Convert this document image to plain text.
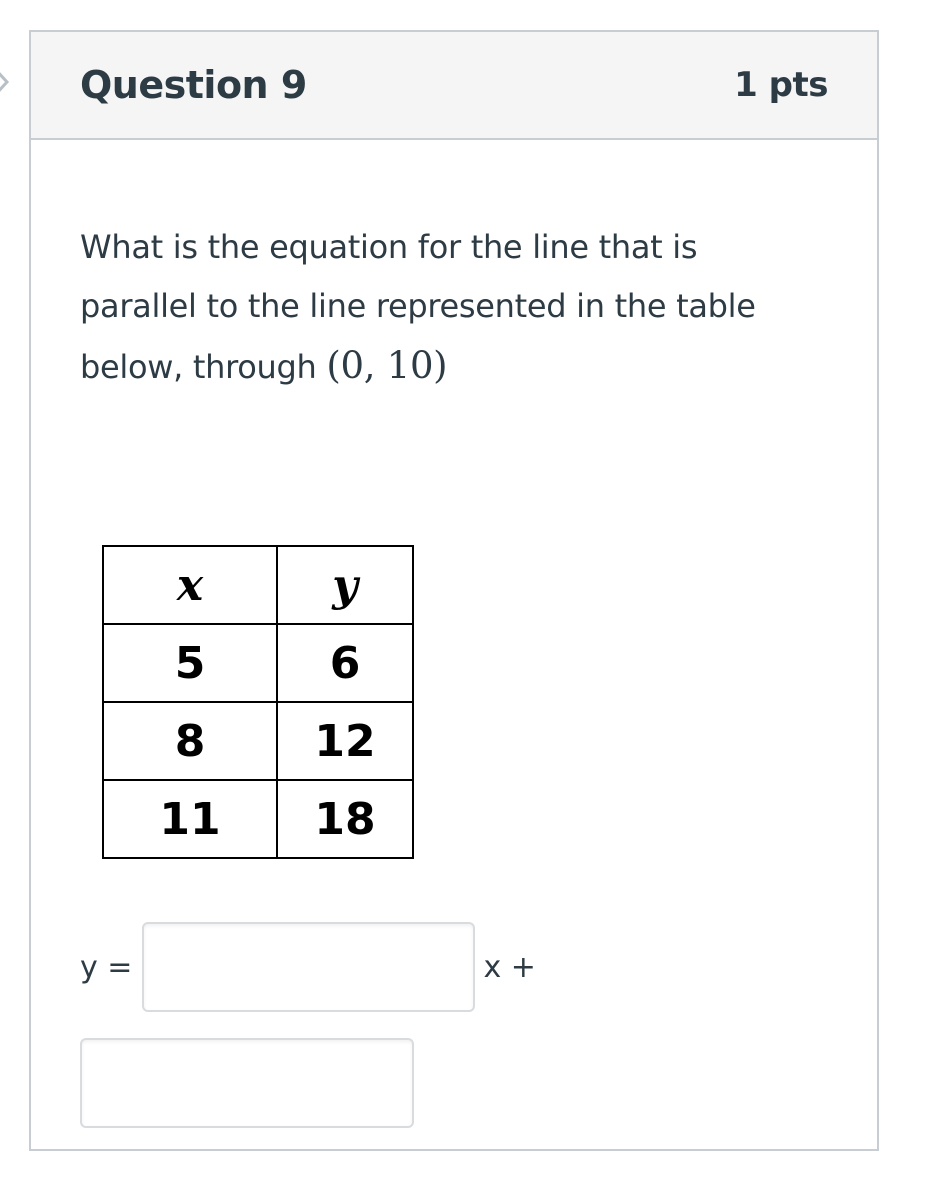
Question 9	1 pts

What is the equation for the line that is parallel to the line represented in the table below, through (0, 10)

x	y
5	6
8	12
11	18
y =	x +
